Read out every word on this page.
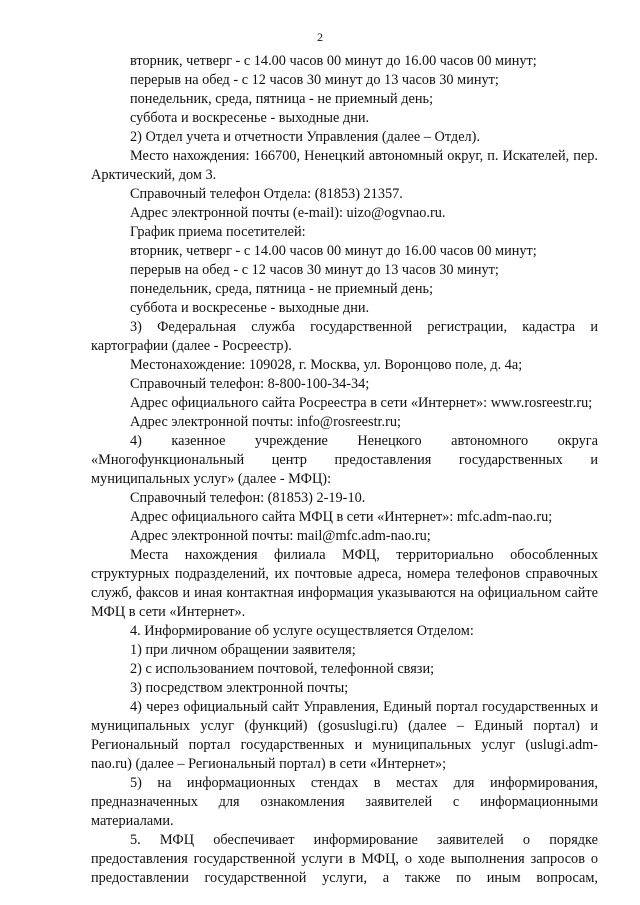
2

вторник, четверг - с 14.00 часов 00 минут до 16.00 часов 00 минут;

перерыв на обед - с 12 часов 30 минут до 13 часов 30 минут;

понедельник, среда, пятница - не приемный день;

суббота и воскресенье - выходные дни.

2) Отдел учета и отчетности Управления (далее – Отдел).

Место нахождения: 166700, Ненецкий автономный округ, п. Искателей, пер. Арктический, дом 3.

Справочный телефон Отдела: (81853) 21357.

Адрес электронной почты (e-mail): uizo@ogvnao.ru.

График приема посетителей:

вторник, четверг - с 14.00 часов 00 минут до 16.00 часов 00 минут;

перерыв на обед - с 12 часов 30 минут до 13 часов 30 минут;

понедельник, среда, пятница - не приемный день;

суббота и воскресенье - выходные дни.

3) Федеральная служба государственной регистрации, кадастра и картографии (далее - Росреестр).

Местонахождение: 109028, г. Москва, ул. Воронцово поле, д. 4а;

Справочный телефон: 8-800-100-34-34;

Адрес официального сайта Росреестра в сети «Интернет»: www.rosreestr.ru;

Адрес электронной почты: info@rosreestr.ru;

4) казенное учреждение Ненецкого автономного округа «Многофункциональный центр предоставления государственных и муниципальных услуг» (далее - МФЦ):

Справочный телефон: (81853) 2-19-10.

Адрес официального сайта МФЦ в сети «Интернет»: mfc.adm-nao.ru;

Адрес электронной почты: mail@mfc.adm-nao.ru;

Места нахождения филиала МФЦ, территориально обособленных структурных подразделений, их почтовые адреса, номера телефонов справочных служб, факсов и иная контактная информация указываются на официальном сайте МФЦ в сети «Интернет».

4. Информирование об услуге осуществляется Отделом:

1) при личном обращении заявителя;

2) с использованием почтовой, телефонной связи;

3) посредством электронной почты;

4) через официальный сайт Управления, Единый портал государственных и муниципальных услуг (функций) (gosuslugi.ru) (далее – Единый портал) и Региональный портал государственных и муниципальных услуг (uslugi.adm-nao.ru) (далее – Региональный портал) в сети «Интернет»;

5) на информационных стендах в местах для информирования, предназначенных для ознакомления заявителей с информационными материалами.

5. МФЦ обеспечивает информирование заявителей о порядке предоставления государственной услуги в МФЦ, о ходе выполнения запросов о предоставлении государственной услуги, а также по иным вопросам,
